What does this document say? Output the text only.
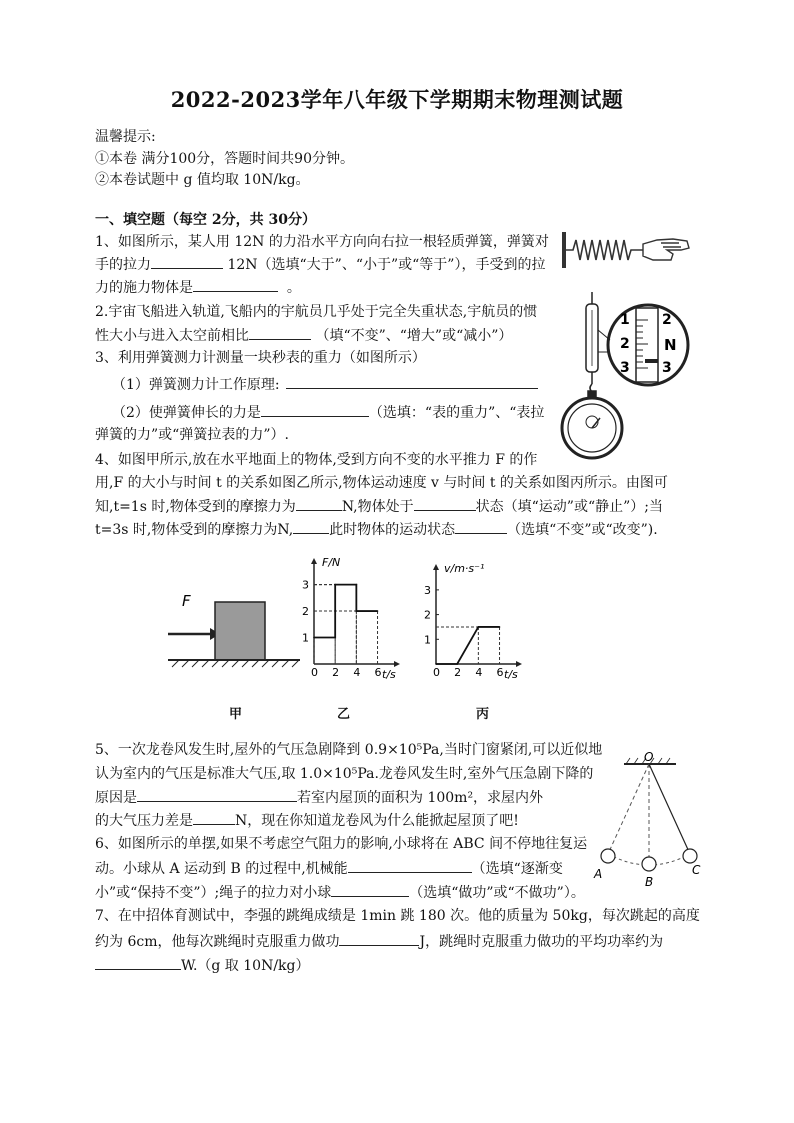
2022-2023学年八年级下学期期末物理测试题
温馨提示:
①本卷 满分100分，答题时间共90分钟。
②本卷试题中 g 值均取 10N/kg。
一、填空题（每空 2分，共 30分）
1、如图所示，某人用 12N 的力沿水平方向向右拉一根轻质弹簧，弹簧对
手的拉力	12N（选填“大于”、“小于”或“等于”），手受到的拉
力的施力物体是	。
2.宇宙飞船进入轨道,飞船内的宇航员几乎处于完全失重状态,宇航员的惯
性大小与进入太空前相比	（填“不变”、“增大”或“减小”）
3、利用弹簧测力计测量一块秒表的重力（如图所示）
（1）弹簧测力计工作原理:
（2）使弹簧伸长的力是	（选填：“表的重力”、“表拉
弹簧的力”或“弹簧拉表的力”）.
1
2
3
2
3
N
4、如图甲所示,放在水平地面上的物体,受到方向不变的水平推力 F 的作
用,F 的大小与时间 t 的关系如图乙所示,物体运动速度 v 与时间 t 的关系如图丙所示。由图可
知,t=1s 时,物体受到的摩擦力为	N,物体处于	状态（填“运动”或“静止”）;当
t=3s 时,物体受到的摩擦力为N,	此时物体的运动状态	（选填“不变”或“改变”).
F
甲
F/N
t/s
0 2 4 6
1
2
3
乙
v/m·s⁻¹
t/s
0 2 4 6
1
2
3
丙
5、一次龙卷风发生时,屋外的气压急剧降到 0.9×10⁵Pa,当时门窗紧闭,可以近似地
认为室内的气压是标准大气压,取 1.0×10⁵Pa.龙卷风发生时,室外气压急剧下降的
原因是	若室内屋顶的面积为 100m²，求屋内外
的大气压力差是	N，现在你知道龙卷风为什么能掀起屋顶了吧!
O
A
B
C
6、如图所示的单摆,如果不考虑空气阻力的影响,小球将在 ABC 间不停地往复运
动。小球从 A 运动到 B 的过程中,机械能	（选填“逐渐变
小”或“保持不变”）;绳子的拉力对小球	（选填“做功”或“不做功”）。
7、在中招体育测试中，李强的跳绳成绩是 1min 跳 180 次。他的质量为 50kg，每次跳起的高度
约为 6cm，他每次跳绳时克服重力做功	J，跳绳时克服重力做功的平均功率约为
W.（g 取 10N/kg）
